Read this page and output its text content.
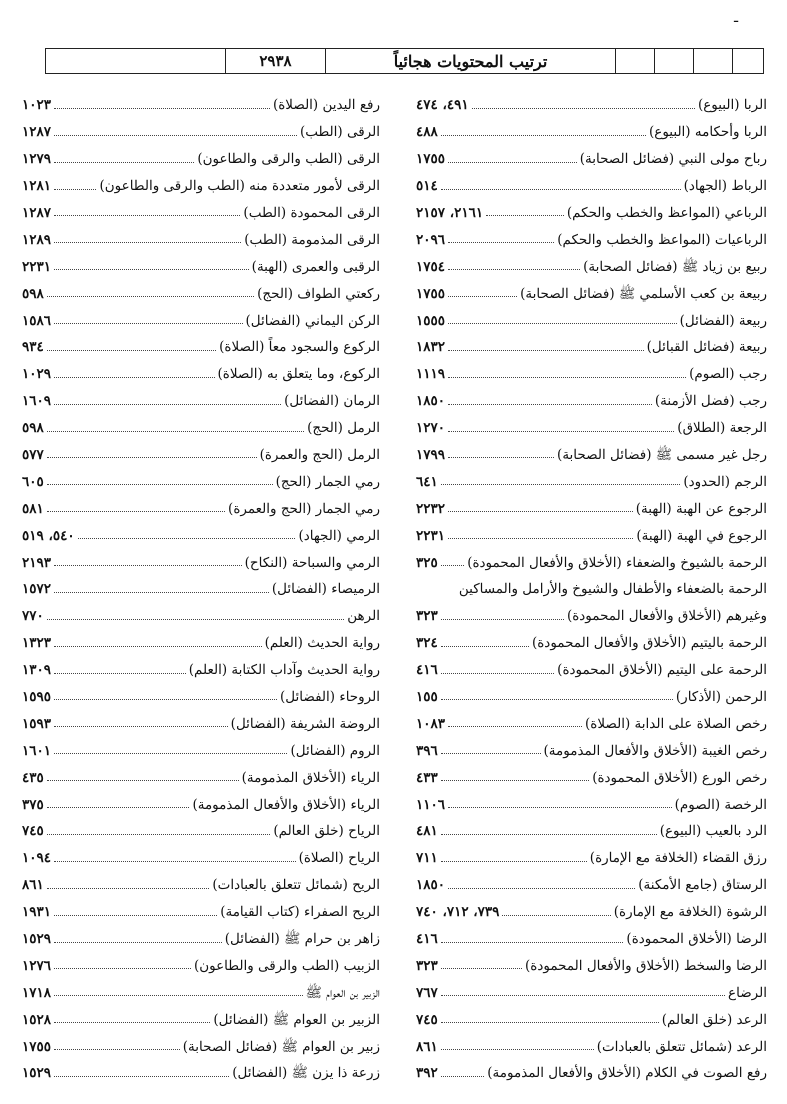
ـ
ترتيب المحتويات هجائياً
٢٩٣٨
الربا (البيوع)
٤٩١، ٤٧٤
الربا وأحكامه (البيوع)
٤٨٨
رباح مولى النبي (فضائل الصحابة)
١٧٥٥
الرباط (الجهاد)
٥١٤
الرباعي (المواعظ والخطب والحكم)
٢١٦١، ٢١٥٧
الرباعيات (المواعظ والخطب والحكم)
٢٠٩٦
ربيع بن زياد ﷺ (فضائل الصحابة)
١٧٥٤
ربيعة بن كعب الأسلمي ﷺ (فضائل الصحابة)
١٧٥٥
ربيعة (الفضائل)
١٥٥٥
ربيعة (فضائل القبائل)
١٨٣٢
رجب (الصوم)
١١١٩
رجب (فضل الأزمنة)
١٨٥٠
الرجعة (الطلاق)
١٢٧٠
رجل غير مسمى ﷺ (فضائل الصحابة)
١٧٩٩
الرجم (الحدود)
٦٤١
الرجوع عن الهبة (الهبة)
٢٢٣٢
الرجوع في الهبة (الهبة)
٢٢٣١
الرحمة بالشيوخ والضعفاء (الأخلاق والأفعال المحمودة)
٣٢٥
الرحمة بالضعفاء والأطفال والشيوخ والأرامل والمساكين
وغيرهم (الأخلاق والأفعال المحمودة)
٣٢٣
الرحمة باليتيم (الأخلاق والأفعال المحمودة)
٣٢٤
الرحمة على اليتيم (الأخلاق المحمودة)
٤١٦
الرحمن (الأذكار)
١٥٥
رخص الصلاة على الدابة (الصلاة)
١٠٨٣
رخص الغيبة (الأخلاق والأفعال المذمومة)
٣٩٦
رخص الورع (الأخلاق المحمودة)
٤٣٣
الرخصة (الصوم)
١١٠٦
الرد بالعيب (البيوع)
٤٨١
رزق القضاء (الخلافة مع الإمارة)
٧١١
الرستاق (جامع الأمكنة)
١٨٥٠
الرشوة (الخلافة مع الإمارة)
٧٣٩، ٧١٢، ٧٤٠
الرضا (الأخلاق المحمودة)
٤١٦
الرضا والسخط (الأخلاق والأفعال المحمودة)
٣٢٣
الرضاع
٧٦٧
الرعد (خلق العالم)
٧٤٥
الرعد (شمائل تتعلق بالعبادات)
٨٦١
رفع الصوت في الكلام (الأخلاق والأفعال المذمومة)
٣٩٢
رفع اليدين (الصلاة)
١٠٢٣
الرقى (الطب)
١٢٨٧
الرقى (الطب والرقى والطاعون)
١٢٧٩
الرقى لأمور متعددة منه (الطب والرقى والطاعون)
١٢٨١
الرقى المحمودة (الطب)
١٢٨٧
الرقى المذمومة (الطب)
١٢٨٩
الرقبى والعمرى (الهبة)
٢٢٣١
ركعتي الطواف (الحج)
٥٩٨
الركن اليماني (الفضائل)
١٥٨٦
الركوع والسجود معاً (الصلاة)
٩٣٤
الركوع، وما يتعلق به (الصلاة)
١٠٢٩
الرمان (الفضائل)
١٦٠٩
الرمل (الحج)
٥٩٨
الرمل (الحج والعمرة)
٥٧٧
رمي الجمار (الحج)
٦٠٥
رمي الجمار (الحج والعمرة)
٥٨١
الرمي (الجهاد)
٥٤٠، ٥١٩
الرمي والسباحة (النكاح)
٢١٩٣
الرميصاء (الفضائل)
١٥٧٢
الرهن
٧٧٠
رواية الحديث (العلم)
١٣٢٣
رواية الحديث وآداب الكتابة (العلم)
١٣٠٩
الروحاء (الفضائل)
١٥٩٥
الروضة الشريفة (الفضائل)
١٥٩٣
الروم (الفضائل)
١٦٠١
الرياء (الأخلاق المذمومة)
٤٣٥
الرياء (الأخلاق والأفعال المذمومة)
٣٧٥
الرياح (خلق العالم)
٧٤٥
الرياح (الصلاة)
١٠٩٤
الريح (شمائل تتعلق بالعبادات)
٨٦١
الريح الصفراء (كتاب القيامة)
١٩٣١
زاهر بن حرام ﷺ (الفضائل)
١٥٢٩
الزبيب (الطب والرقى والطاعون)
١٢٧٦
الزبير بن العوام ﷺ
١٧١٨
الزبير بن العوام ﷺ (الفضائل)
١٥٢٨
زبير بن العوام ﷺ (فضائل الصحابة)
١٧٥٥
زرعة ذا يزن ﷺ (الفضائل)
١٥٢٩
